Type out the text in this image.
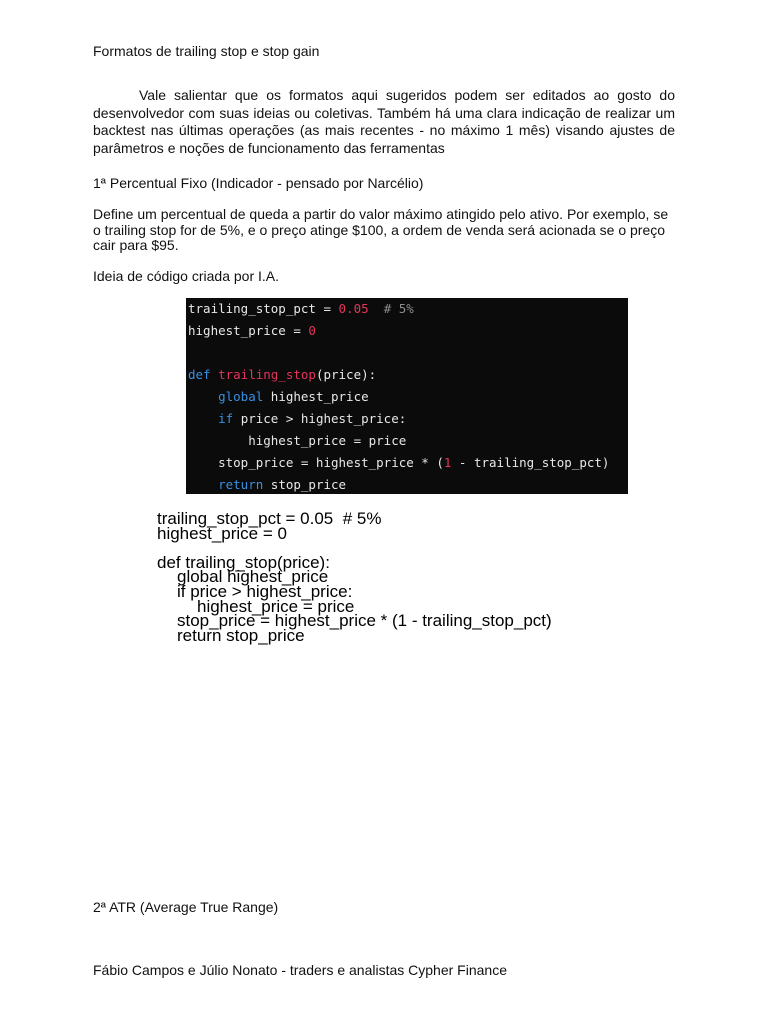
Formatos de trailing stop e stop gain

Vale salientar que os formatos aqui sugeridos podem ser editados ao gosto do desenvolvedor com suas ideias ou coletivas. Também há uma clara indicação de realizar um backtest nas últimas operações (as mais recentes - no máximo 1 mês) visando ajustes de parâmetros e noções de funcionamento das ferramentas

1ª Percentual Fixo (Indicador - pensado por Narcélio)

Define um percentual de queda a partir do valor máximo atingido pelo ativo. Por exemplo, se o trailing stop for de 5%, e o preço atinge $100, a ordem de venda será acionada se o preço cair para $95.

Ideia de código criada por I.A.

trailing_stop_pct = 0.05 # 5%
highest_price = 0
def trailing_stop(price):
global highest_price
if price > highest_price:
highest_price = price
stop_price = highest_price * (1 - trailing_stop_pct)
return stop_price
trailing_stop_pct = 0.05  # 5%
highest_price = 0
def trailing_stop(price):
global highest_price
if price > highest_price:
highest_price = price
stop_price = highest_price * (1 - trailing_stop_pct)
return stop_price

2ª ATR (Average True Range)

Fábio Campos e Júlio Nonato - traders e analistas Cypher Finance
